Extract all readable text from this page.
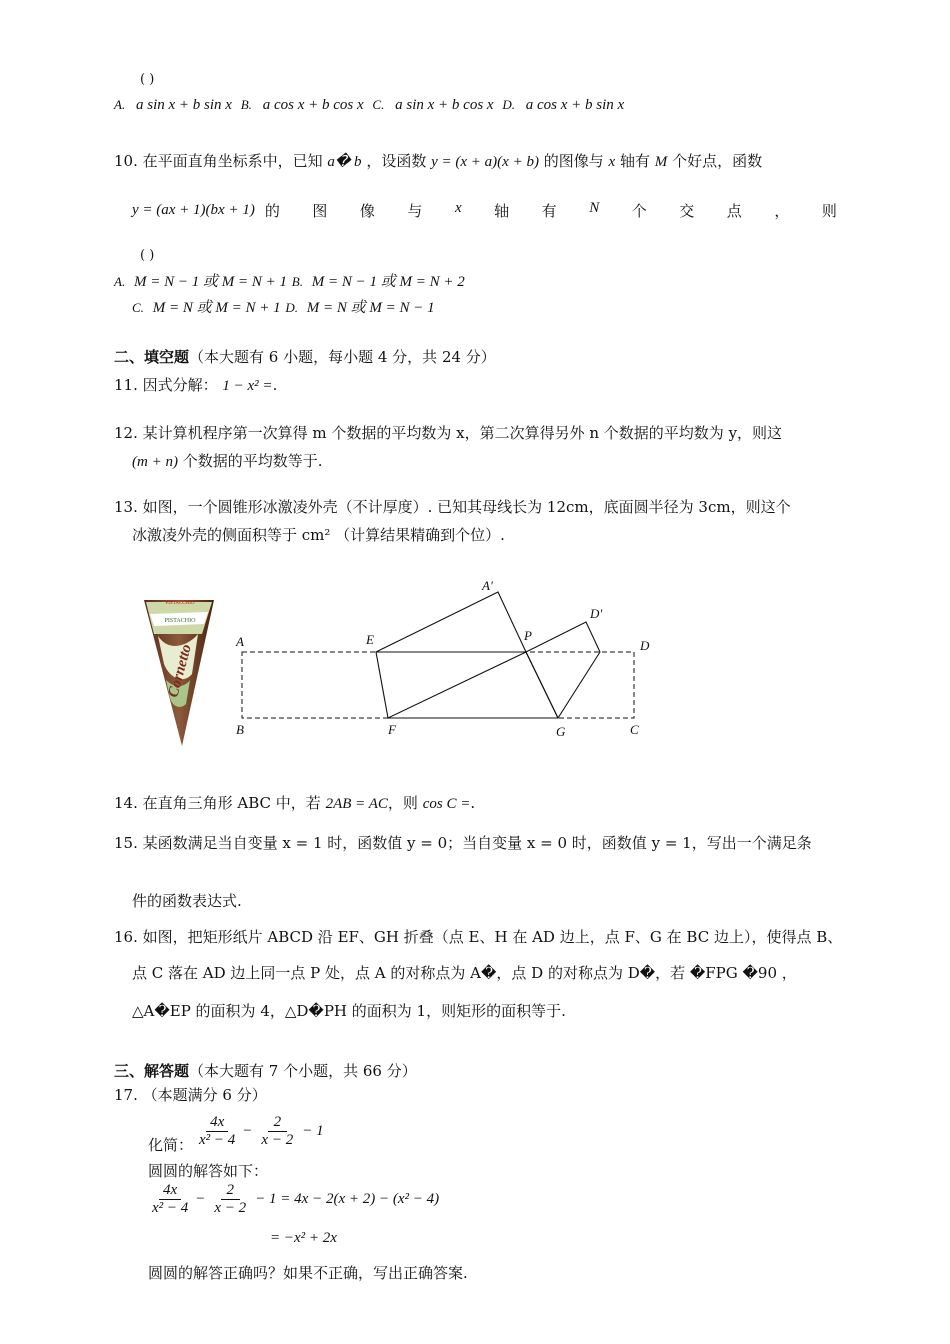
( )
A. a sin x + b sin x B. a cos x + b cos x C. a sin x + b cos x D. a cos x + b sin x
10. 在平面直角坐标系中，已知 a� b ，设函数 y = (x + a)(x + b) 的图像与 x 轴有 M 个好点，函数
y = (ax + 1)(bx + 1) 的 图 像 与 x 轴 有 N 个 交 点 ， 则
( )
A. M = N − 1 或 M = N + 1 B. M = N − 1 或 M = N + 2
C. M = N 或 M = N + 1 D. M = N 或 M = N − 1
二、填空题（本大题有 6 小题，每小题 4 分，共 24 分）
11. 因式分解： 1 − x² =.
12. 某计算机程序第一次算得 m 个数据的平均数为 x，第二次算得另外 n 个数据的平均数为 y，则这
(m + n) 个数据的平均数等于.
13. 如图，一个圆锥形冰激凌外壳（不计厚度）. 已知其母线长为 12cm，底面圆半径为 3cm，则这个
冰激凌外壳的侧面积等于 cm² （计算结果精确到个位）.
PISTACCHIO
PISTACHIO
Cornetto
A	E
A'
P
D'
D
B	F	G	C
14. 在直角三角形 ABC 中，若 2AB = AC，则 cos C =.
15. 某函数满足当自变量 x = 1 时，函数值 y = 0；当自变量 x = 0 时，函数值 y = 1，写出一个满足条
件的函数表达式.
16. 如图，把矩形纸片 ABCD 沿 EF、GH 折叠（点 E、H 在 AD 边上，点 F、G 在 BC 边上），使得点 B、
点 C 落在 AD 边上同一点 P 处，点 A 的对称点为 A�，点 D 的对称点为 D�，若 �FPG �90 ，
△A�EP 的面积为 4，△D�PH 的面积为 1，则矩形的面积等于.
三、解答题（本大题有 7 个小题，共 66 分）
17. （本题满分 6 分）
化简： $\frac{4x}{\text{x² − 4}} - \frac{2}{x - 2} - 1$
圆圆的解答如下：
$\frac{4x}{\text{x² − 4}} - \frac{2}{x - 2} - 1 = 4x - 2(x + 2) - (x^2 - 4)$
= −x² + 2x
圆圆的解答正确吗？如果不正确，写出正确答案.
